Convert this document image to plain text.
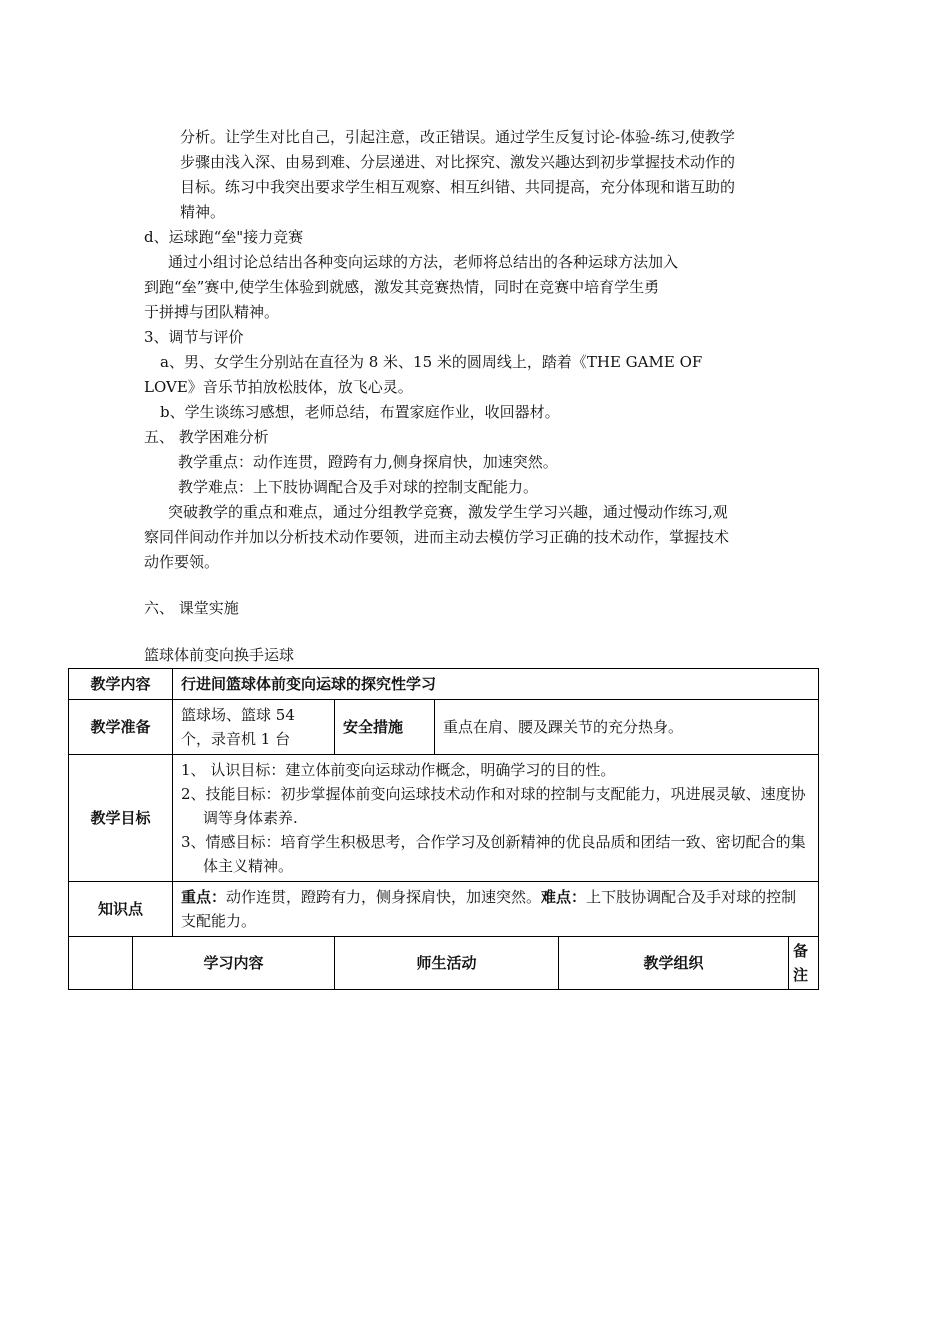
分析。让学生对比自己，引起注意，改正错误。通过学生反复讨论-体验-练习,使教学
步骤由浅入深、由易到难、分层递进、对比探究、激发兴趣达到初步掌握技术动作的
目标。练习中我突出要求学生相互观察、相互纠错、共同提高，充分体现和谐互助的
精神。
d、运球跑“垒"接力竞赛
通过小组讨论总结出各种变向运球的方法，老师将总结出的各种运球方法加入
到跑“垒”赛中,使学生体验到就感，激发其竞赛热情，同时在竞赛中培育学生勇
于拼搏与团队精神。
3、调节与评价
a、男、女学生分别站在直径为 8 米、15 米的圆周线上，踏着《THE GAME OF
LOVE》音乐节拍放松肢体，放飞心灵。
b、学生谈练习感想，老师总结，布置家庭作业，收回器材。
五、 教学困难分析
教学重点：动作连贯，蹬跨有力,侧身探肩快，加速突然。
教学难点：上下肢协调配合及手对球的控制支配能力。
突破教学的重点和难点，通过分组教学竞赛，激发学生学习兴趣，通过慢动作练习,观
察同伴间动作并加以分析技术动作要领，进而主动去模仿学习正确的技术动作，掌握技术
动作要领。
六、 课堂实施
篮球体前变向换手运球
教学内容		行进间篮球体前变向运球的探究性学习				
教学准备		篮球场、篮球 54 个，录音机 1 台	安全措施	重点在肩、腰及踝关节的充分热身。		
教学目标		1、 认识目标：建立体前变向运球动作概念，明确学习的目的性。
2、技能目标：初步掌握体前变向运球技术动作和对球的控制与支配能力，巩进展灵敏、速度协调等身体素养.
3、情感目标：培育学生积极思考，合作学习及创新精神的优良品质和团结一致、密切配合的集体主义精神。				

知识点		重点：动作连贯，蹬跨有力，侧身探肩快，加速突然。难点：上下肢协调配合及手对球的控制支配能力。				
	学习内容		师生活动		教学组织	备注
